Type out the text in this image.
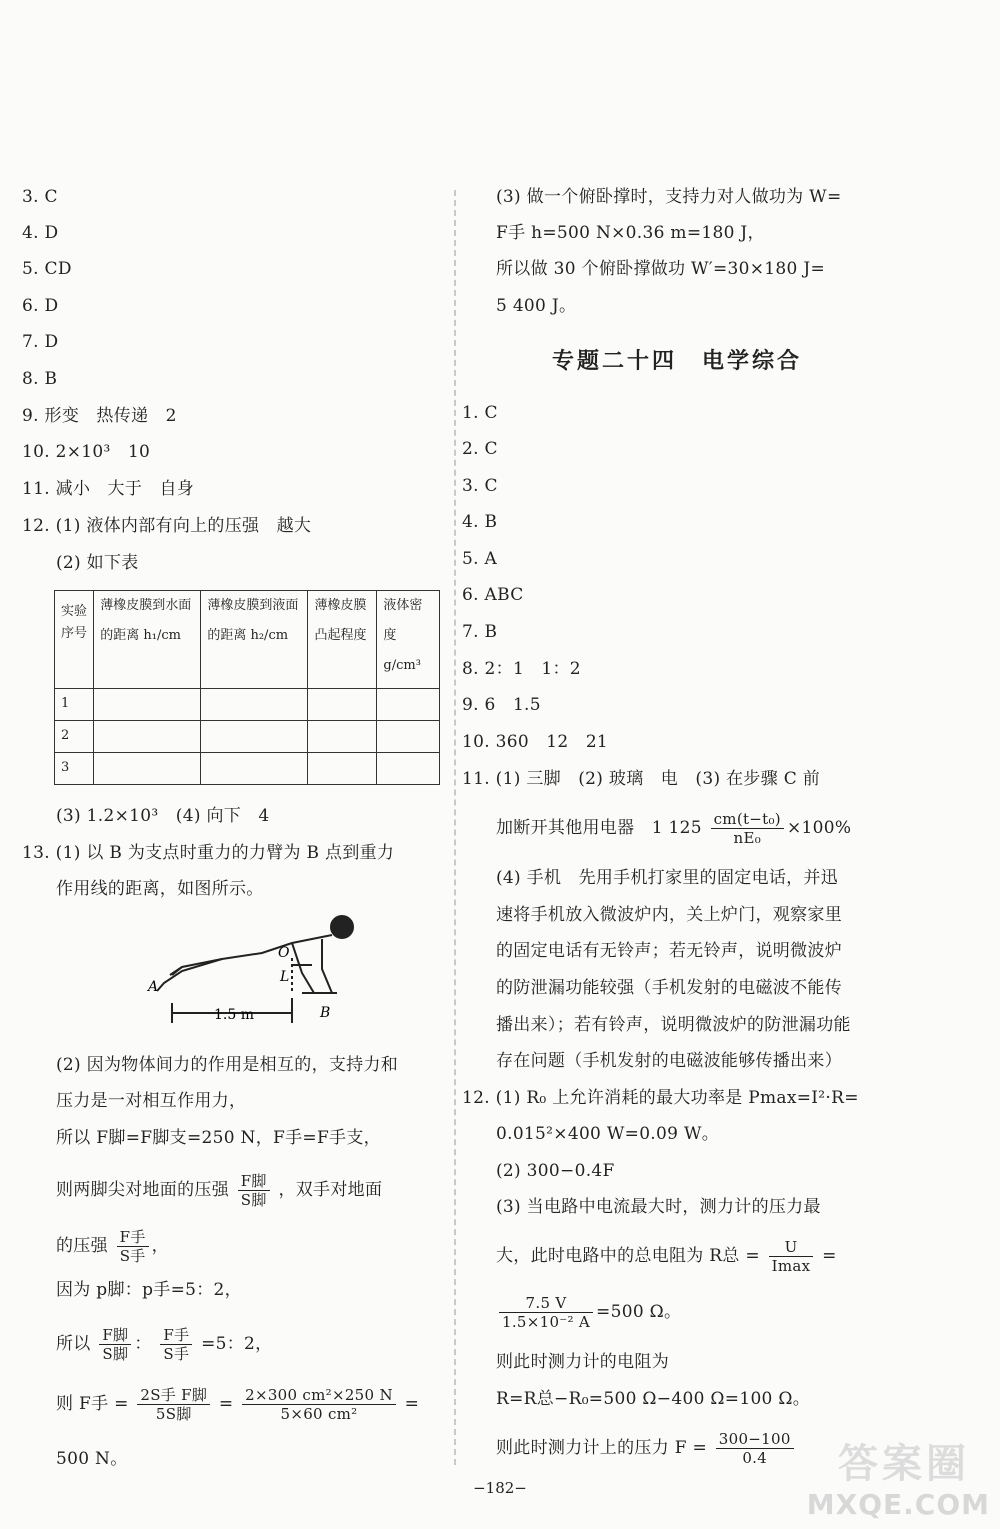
3. C
4. D
5. CD
6. D
7. D
8. B
9. 形变　热传递　2
10. 2×10³　10
11. 减小　大于　自身
12. (1) 液体内部有向上的压强　越大
(2) 如下表
实验序号	薄橡皮膜到水面的距离 h₁/cm	薄橡皮膜到液面的距离 h₂/cm	薄橡皮膜凸起程度	液体密度 g/cm³
1				
2				
3				
(3) 1.2×10³　(4) 向下　4
13. (1) 以 B 为支点时重力的力臂为 B 点到重力
作用线的距离，如图所示。
A
O
L
B
1.5 m
(2) 因为物体间力的作用是相互的，支持力和
压力是一对相互作用力，
所以 F脚=F脚支=250 N，F手=F手支，
则两脚尖对地面的压强 $\frac{\text{F脚}}{\text{S脚}}$ ，双手对地面
的压强 $\frac{\text{F手}}{\text{S手}}$ ，
因为 p脚：p手=5：2，
所以 $\frac{\text{F脚}}{\text{S脚}}$ ： $\frac{\text{F手}}{\text{S手}} =5$：2，
则 F手 = $\frac{\text{2S手 F脚}}{\text{5S脚}} = \frac{\text{2×300 cm²×250 N}}{\text{5×60 cm²}}$ =
500 N。
(3) 做一个俯卧撑时，支持力对人做功为 W=
F手 h=500 N×0.36 m=180 J，
所以做 30 个俯卧撑做功 W′=30×180 J=
5 400 J。
专题二十四　电学综合
1. C
2. C
3. C
4. B
5. A
6. ABC
7. B
8. 2：1　1：2
9. 6　1.5
10. 360　12　21
11. (1) 三脚　(2) 玻璃　电　(3) 在步骤 C 前
加断开其他用电器　1 $125 \frac{\text{cm(t−t₀)}}{\text{nE₀}} \times 100\%$
(4) 手机　先用手机打家里的固定电话，并迅
速将手机放入微波炉内，关上炉门，观察家里
的固定电话有无铃声；若无铃声，说明微波炉
的防泄漏功能较强（手机发射的电磁波不能传
播出来）；若有铃声，说明微波炉的防泄漏功能
存在问题（手机发射的电磁波能够传播出来）
12. (1) R₀ 上允许消耗的最大功率是 Pmax=I²·R=
0.015²×400 W=0.09 W。
(2) 300−0.4F
(3) 当电路中电流最大时，测力计的压力最
大，此时电路中的总电阻为 R总 = $\frac{U}{Imax}$ =
$\frac{7.5 V}{\text{1.5×10⁻² A}} =500$ Ω。
则此时测力计的电阻为
R=R总−R₀=500 Ω−400 Ω=100 Ω。
则此时测力计上的压力 $F = \frac{300-100}{0.4}$
−182−
答案圈
MXQE.COM
